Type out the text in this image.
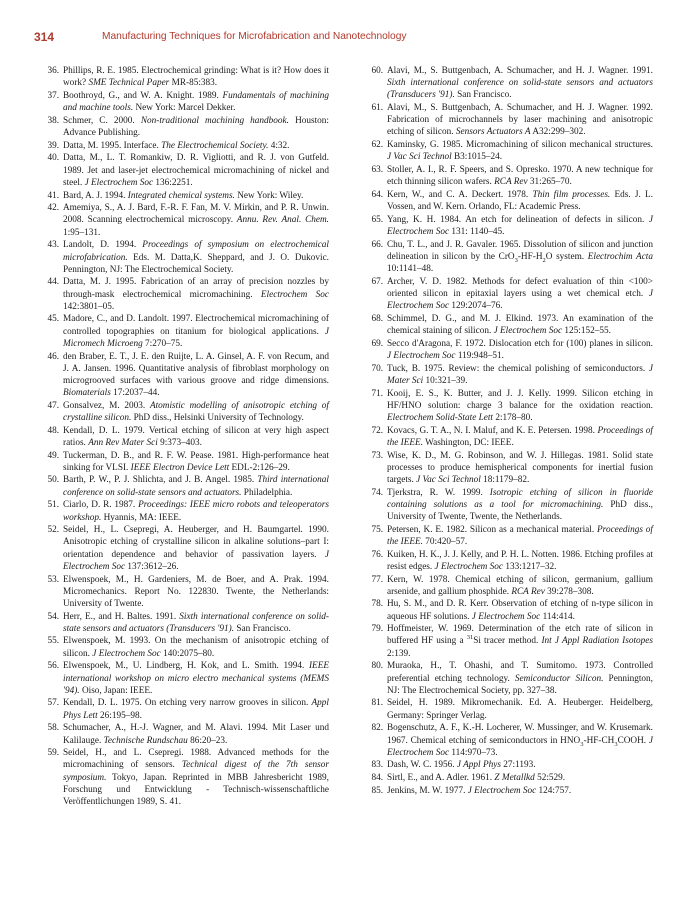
314	Manufacturing Techniques for Microfabrication and Nanotechnology
36. Phillips, R. E. 1985. Electrochemical grinding: What is it? How does it work? SME Technical Paper MR-85:383.
37. Boothroyd, G., and W. A. Knight. 1989. Fundamentals of machining and machine tools. New York: Marcel Dekker.
38. Schmer, C. 2000. Non-traditional machining handbook. Houston: Advance Publishing.
39. Datta, M. 1995. Interface. The Electrochemical Society. 4:32.
40. Datta, M., L. T. Romankiw, D. R. Vigliotti, and R. J. von Gutfeld. 1989. Jet and laser-jet electrochemical micromachining of nickel and steel. J Electrochem Soc 136:2251.
41. Bard, A. J. 1994. Integrated chemical systems. New York: Wiley.
42. Amemiya, S., A. J. Bard, F.-R. F. Fan, M. V. Mirkin, and P. R. Unwin. 2008. Scanning electrochemical microscopy. Annu. Rev. Anal. Chem. 1:95–131.
43. Landolt, D. 1994. Proceedings of symposium on electrochemical microfabrication. Eds. M. Datta,K. Sheppard, and J. O. Dukovic. Pennington, NJ: The Electrochemical Society.
44. Datta, M. J. 1995. Fabrication of an array of precision nozzles by through-mask electrochemical micromachining. Electrochem Soc 142:3801–05.
45. Madore, C., and D. Landolt. 1997. Electrochemical micromachining of controlled topographies on titanium for biological applications. J Micromech Microeng 7:270–75.
46. den Braber, E. T., J. E. den Ruijte, L. A. Ginsel, A. F. von Recum, and J. A. Jansen. 1996. Quantitative analysis of fibroblast morphology on microgrooved surfaces with various groove and ridge dimensions. Biomaterials 17:2037–44.
47. Gonsalvez, M. 2003. Atomistic modelling of anisotropic etching of crystalline silicon. PhD diss., Helsinki University of Technology.
48. Kendall, D. L. 1979. Vertical etching of silicon at very high aspect ratios. Ann Rev Mater Sci 9:373–403.
49. Tuckerman, D. B., and R. F. W. Pease. 1981. High-performance heat sinking for VLSI. IEEE Electron Device Lett EDL-2:126–29.
50. Barth, P. W., P. J. Shlichta, and J. B. Angel. 1985. Third international conference on solid-state sensors and actuators. Philadelphia.
51. Ciarlo, D. R. 1987. Proceedings: IEEE micro robots and teleoperators workshop. Hyannis, MA: IEEE.
52. Seidel, H., L. Csepregi, A. Heuberger, and H. Baumgartel. 1990. Anisotropic etching of crystalline silicon in alkaline solutions–part I: orientation dependence and behavior of passivation layers. J Electrochem Soc 137:3612–26.
53. Elwenspoek, M., H. Gardeniers, M. de Boer, and A. Prak. 1994. Micromechanics. Report No. 122830. Twente, the Netherlands: University of Twente.
54. Herr, E., and H. Baltes. 1991. Sixth international conference on solid-state sensors and actuators (Transducers '91). San Francisco.
55. Elwenspoek, M. 1993. On the mechanism of anisotropic etching of silicon. J Electrochem Soc 140:2075–80.
56. Elwenspoek, M., U. Lindberg, H. Kok, and L. Smith. 1994. IEEE international workshop on micro electro mechanical systems (MEMS '94). Oiso, Japan: IEEE.
57. Kendall, D. L. 1975. On etching very narrow grooves in silicon. Appl Phys Lett 26:195–98.
58. Schumacher, A., H.-J. Wagner, and M. Alavi. 1994. Mit Laser und Kalilauge. Technische Rundschau 86:20–23.
59. Seidel, H., and L. Csepregi. 1988. Advanced methods for the micromachining of sensors. Technical digest of the 7th sensor symposium. Tokyo, Japan. Reprinted in MBB Jahresbericht 1989, Forschung und Entwicklung - Technisch-wissenschaftliche Veröffentlichungen 1989, S. 41.
60. Alavi, M., S. Buttgenbach, A. Schumacher, and H. J. Wagner. 1991. Sixth international conference on solid-state sensors and actuators (Transducers '91). San Francisco.
61. Alavi, M., S. Buttgenbach, A. Schumacher, and H. J. Wagner. 1992. Fabrication of microchannels by laser machining and anisotropic etching of silicon. Sensors Actuators A A32:299–302.
62. Kaminsky, G. 1985. Micromachining of silicon mechanical structures. J Vac Sci Technol B3:1015–24.
63. Stoller, A. I., R. F. Speers, and S. Opresko. 1970. A new technique for etch thinning silicon wafers. RCA Rev 31:265–70.
64. Kern, W., and C. A. Deckert. 1978. Thin film processes. Eds. J. L. Vossen, and W. Kern. Orlando, FL: Academic Press.
65. Yang, K. H. 1984. An etch for delineation of defects in silicon. J Electrochem Soc 131: 1140–45.
66. Chu, T. L., and J. R. Gavaler. 1965. Dissolution of silicon and junction delineation in silicon by the $CrO_3-HF-H_2O$ system. Electrochim Acta 10:1141–48.
67. Archer, V. D. 1982. Methods for defect evaluation of thin <100> oriented silicon in epitaxial layers using a wet chemical etch. J Electrochem Soc 129:2074–76.
68. Schimmel, D. G., and M. J. Elkind. 1973. An examination of the chemical staining of silicon. J Electrochem Soc 125:152–55.
69. Secco d'Aragona, F. 1972. Dislocation etch for (100) planes in silicon. J Electrochem Soc 119:948–51.
70. Tuck, B. 1975. Review: the chemical polishing of semiconductors. J Mater Sci 10:321–39.
71. Kooij, E. S., K. Butter, and J. J. Kelly. 1999. Silicon etching in HF/HNO solution: charge 3 balance for the oxidation reaction. Electrochem Solid-State Lett 2:178–80.
72. Kovacs, G. T. A., N. I. Maluf, and K. E. Petersen. 1998. Proceedings of the IEEE. Washington, DC: IEEE.
73. Wise, K. D., M. G. Robinson, and W. J. Hillegas. 1981. Solid state processes to produce hemispherical components for inertial fusion targets. J Vac Sci Technol 18:1179–82.
74. Tjerkstra, R. W. 1999. Isotropic etching of silicon in fluoride containing solutions as a tool for micromachining. PhD diss., University of Twente, Twente, the Netherlands.
75. Petersen, K. E. 1982. Silicon as a mechanical material. Proceedings of the IEEE. 70:420–57.
76. Kuiken, H. K., J. J. Kelly, and P. H. L. Notten. 1986. Etching profiles at resist edges. J Electrochem Soc 133:1217–32.
77. Kern, W. 1978. Chemical etching of silicon, germanium, gallium arsenide, and gallium phosphide. RCA Rev 39:278–308.
78. Hu, S. M., and D. R. Kerr. Observation of etching of n-type silicon in aqueous HF solutions. J Electrochem Soc 114:414.
79. Hoffmeister, W. 1969. Determination of the etch rate of silicon in buffered HF using a $^{31}$Si tracer method. Int J Appl Radiation Isotopes 2:139.
80. Muraoka, H., T. Ohashi, and T. Sumitomo. 1973. Controlled preferential etching technology. Semiconductor Silicon. Pennington, NJ: The Electrochemical Society, pp. 327–38.
81. Seidel, H. 1989. Mikromechanik. Ed. A. Heuberger. Heidelberg, Germany: Springer Verlag.
82. Bogenschutz, A. F., K.-H. Locherer, W. Mussinger, and W. Krusemark. 1967. Chemical etching of semiconductors in $HNO_3-HF-CH_3COOH$. J Electrochem Soc 114:970–73.
83. Dash, W. C. 1956. J Appl Phys 27:1193.
84. Sirtl, E., and A. Adler. 1961. Z Metallkd 52:529.
85. Jenkins, M. W. 1977. J Electrochem Soc 124:757.
